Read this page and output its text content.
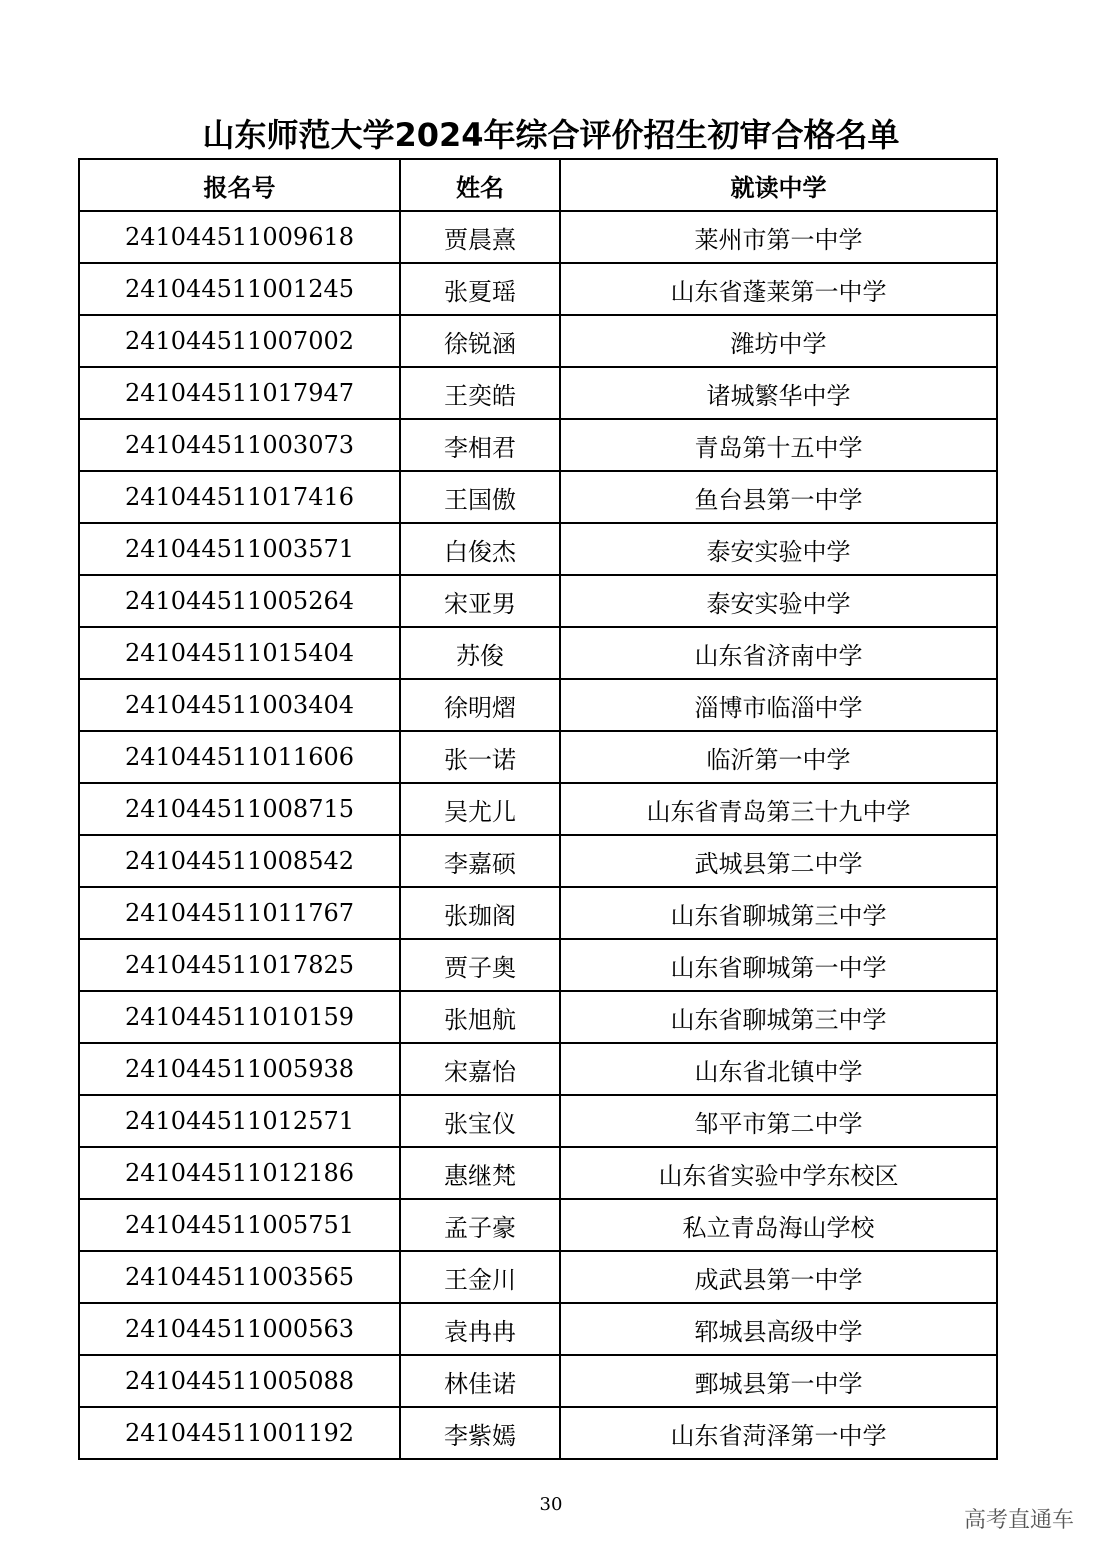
山东师范大学2024年综合评价招生初审合格名单
报名号	姓名	就读中学
241044511009618	贾晨熹	莱州市第一中学
241044511001245	张夏瑶	山东省蓬莱第一中学
241044511007002	徐锐涵	潍坊中学
241044511017947	王奕皓	诸城繁华中学
241044511003073	李相君	青岛第十五中学
241044511017416	王国傲	鱼台县第一中学
241044511003571	白俊杰	泰安实验中学
241044511005264	宋亚男	泰安实验中学
241044511015404	苏俊	山东省济南中学
241044511003404	徐明熠	淄博市临淄中学
241044511011606	张一诺	临沂第一中学
241044511008715	吴尤儿	山东省青岛第三十九中学
241044511008542	李嘉硕	武城县第二中学
241044511011767	张珈阁	山东省聊城第三中学
241044511017825	贾子奥	山东省聊城第一中学
241044511010159	张旭航	山东省聊城第三中学
241044511005938	宋嘉怡	山东省北镇中学
241044511012571	张宝仪	邹平市第二中学
241044511012186	惠继梵	山东省实验中学东校区
241044511005751	孟子豪	私立青岛海山学校
241044511003565	王金川	成武县第一中学
241044511000563	袁冉冉	郓城县高级中学
241044511005088	林佳诺	鄄城县第一中学
241044511001192	李紫嫣	山东省菏泽第一中学
30
高考直通车
